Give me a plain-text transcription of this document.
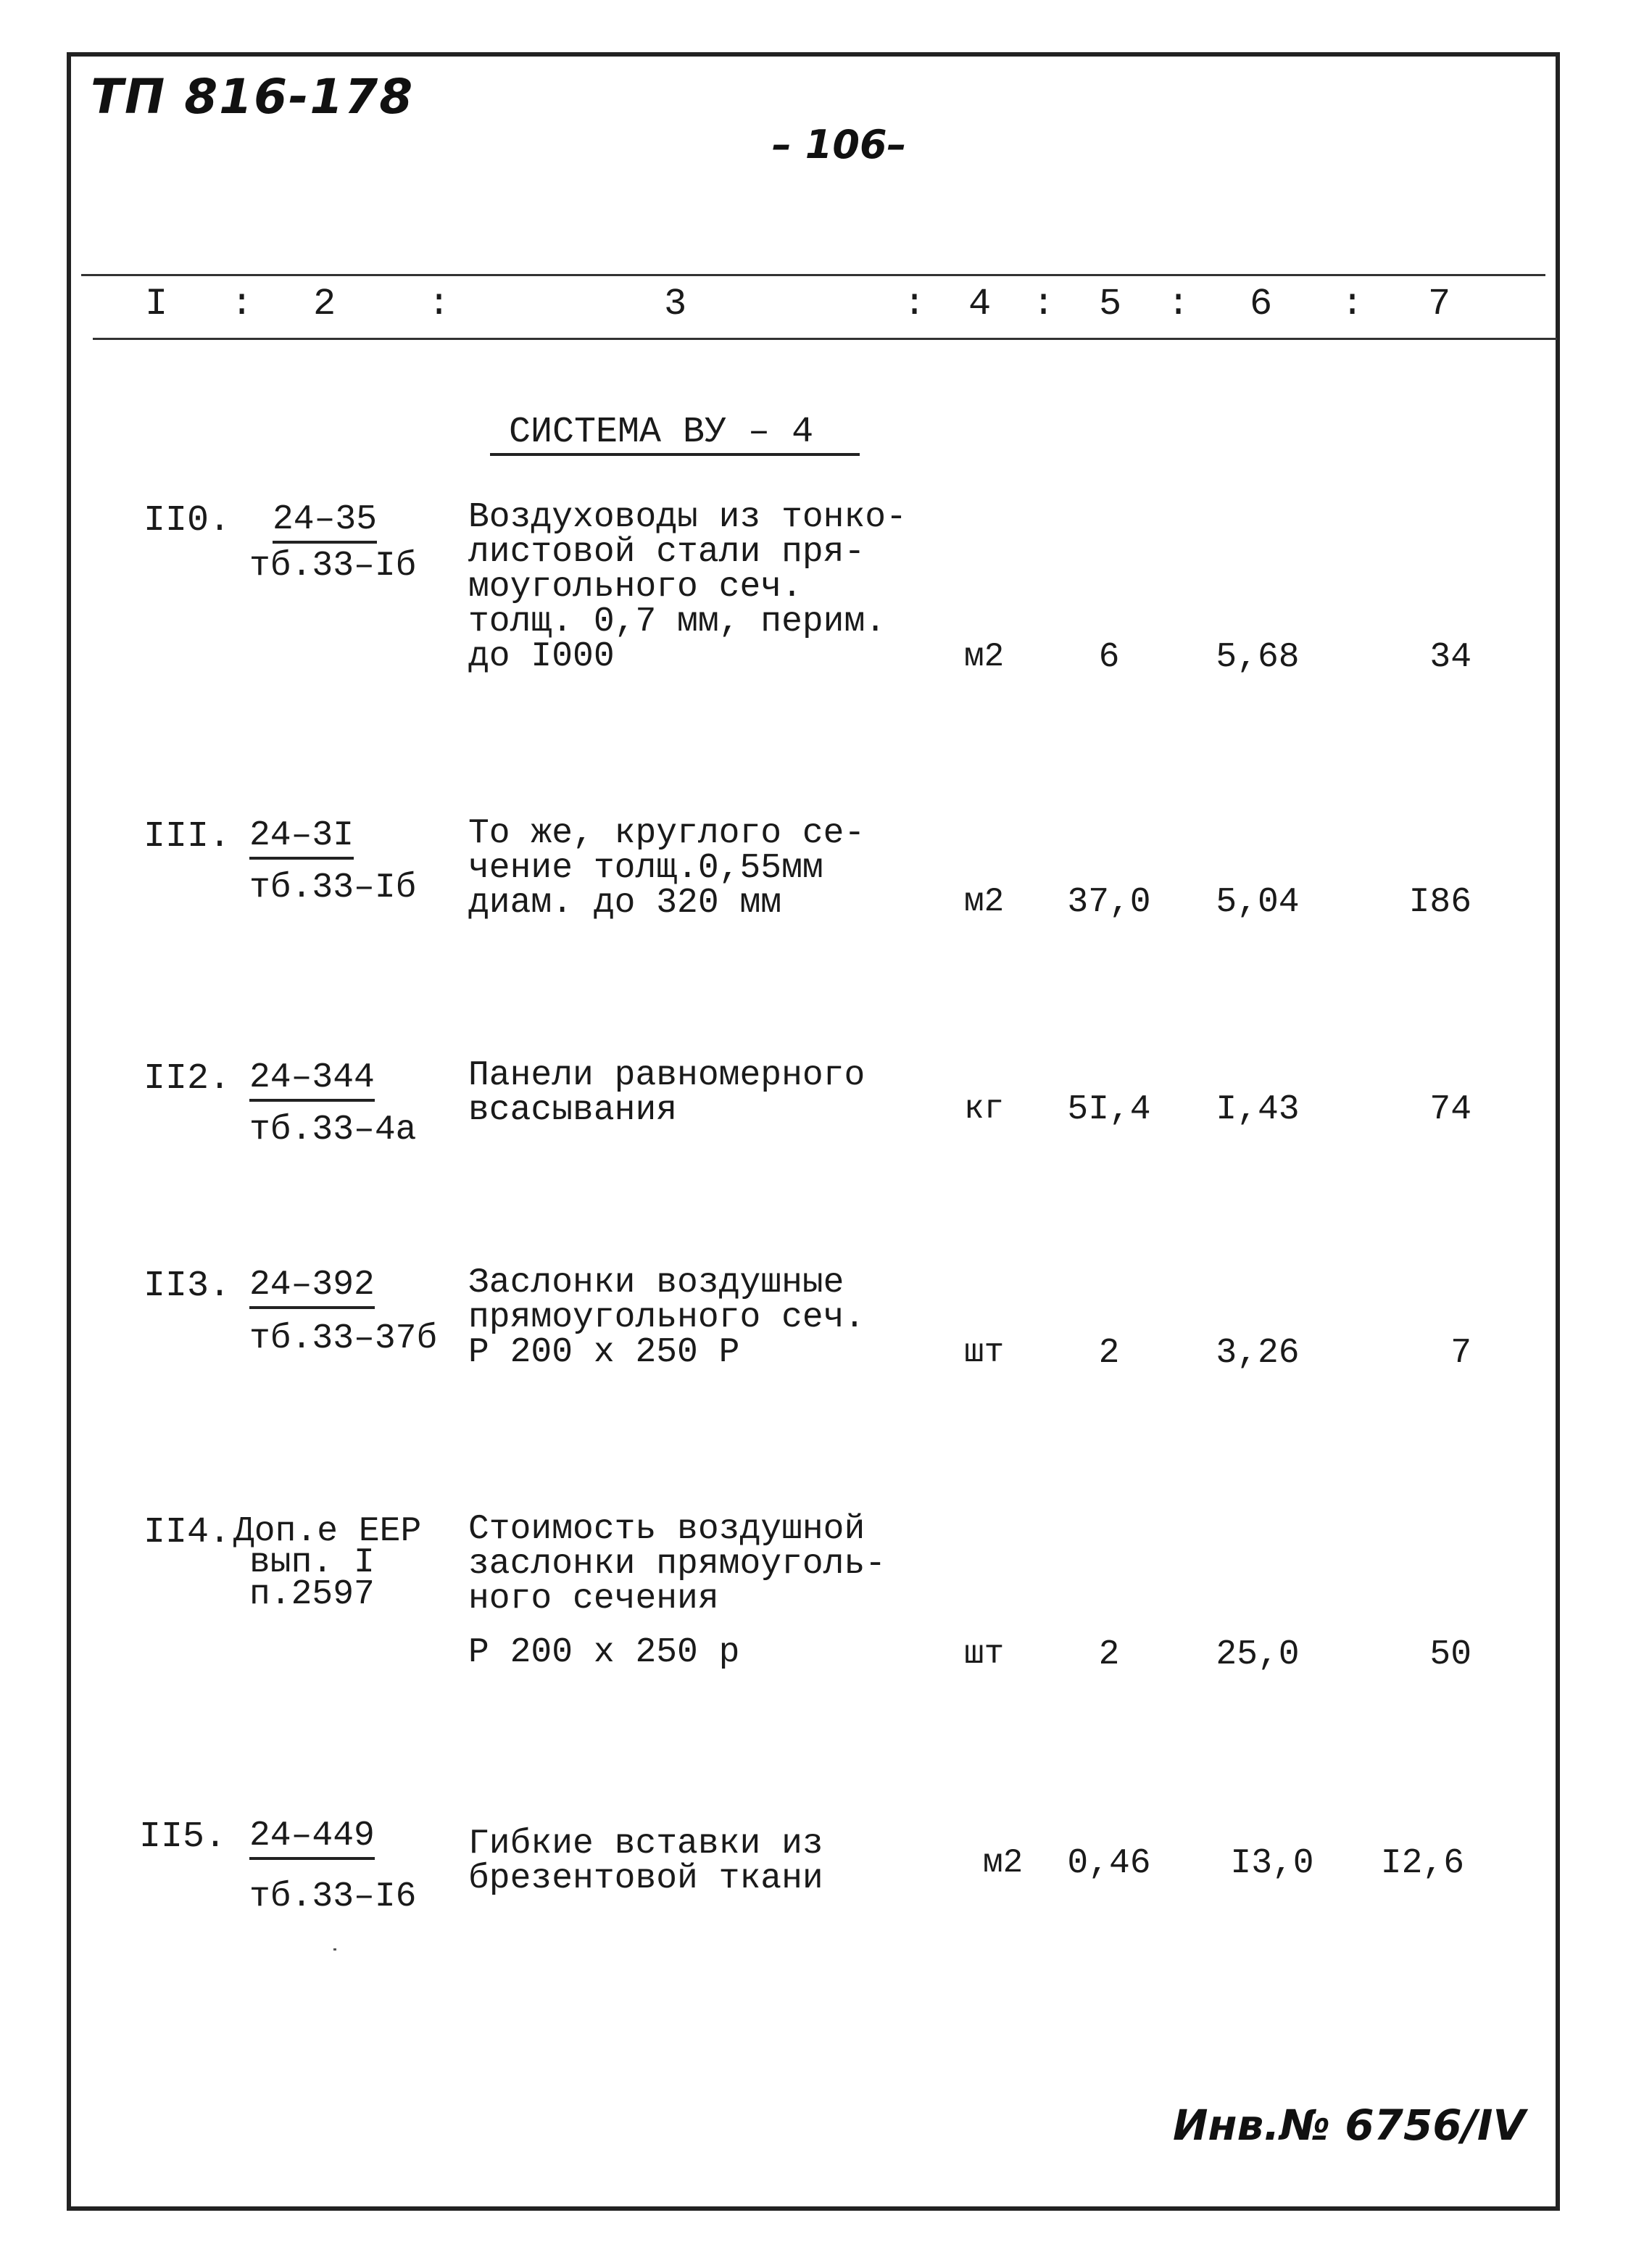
ТП 816-178
– 106–
I : 2 :	3	: 4 : 5 : 6 : 7
СИСТЕМА ВУ – 4
II0. 24–35
тб.33–Iб
Воздуховоды из тонко-
листовой стали пря-
моугольного сеч.
толщ. 0,7 мм, перим.
до I000	м2	6	5,68	34
III. 24–3I
тб.33–Iб
То же, круглого се-
чение толщ.0,55мм
диам. до 320 мм	м2	37,0	5,04	I86
II2. 24–344
тб.33–4а
Панели равномерного
всасывания	кг	5I,4	I,43	74
II3. 24–392
тб.33–37б
Заслонки воздушные
прямоугольного сеч.
Р 200 х 250 Р	шт	2	3,26	7
II4. Доп.е ЕЕР
вып. I
п.2597
Стоимость воздушной
заслонки прямоуголь-
ного сечения
Р 200 х 250 р	шт	2	25,0	50
II5. 24–449
тб.33–I6
Гибкие вставки из
брезентовой ткани	м2	0,46	I3,0	I2,6
Инв.№ 6756/IV
